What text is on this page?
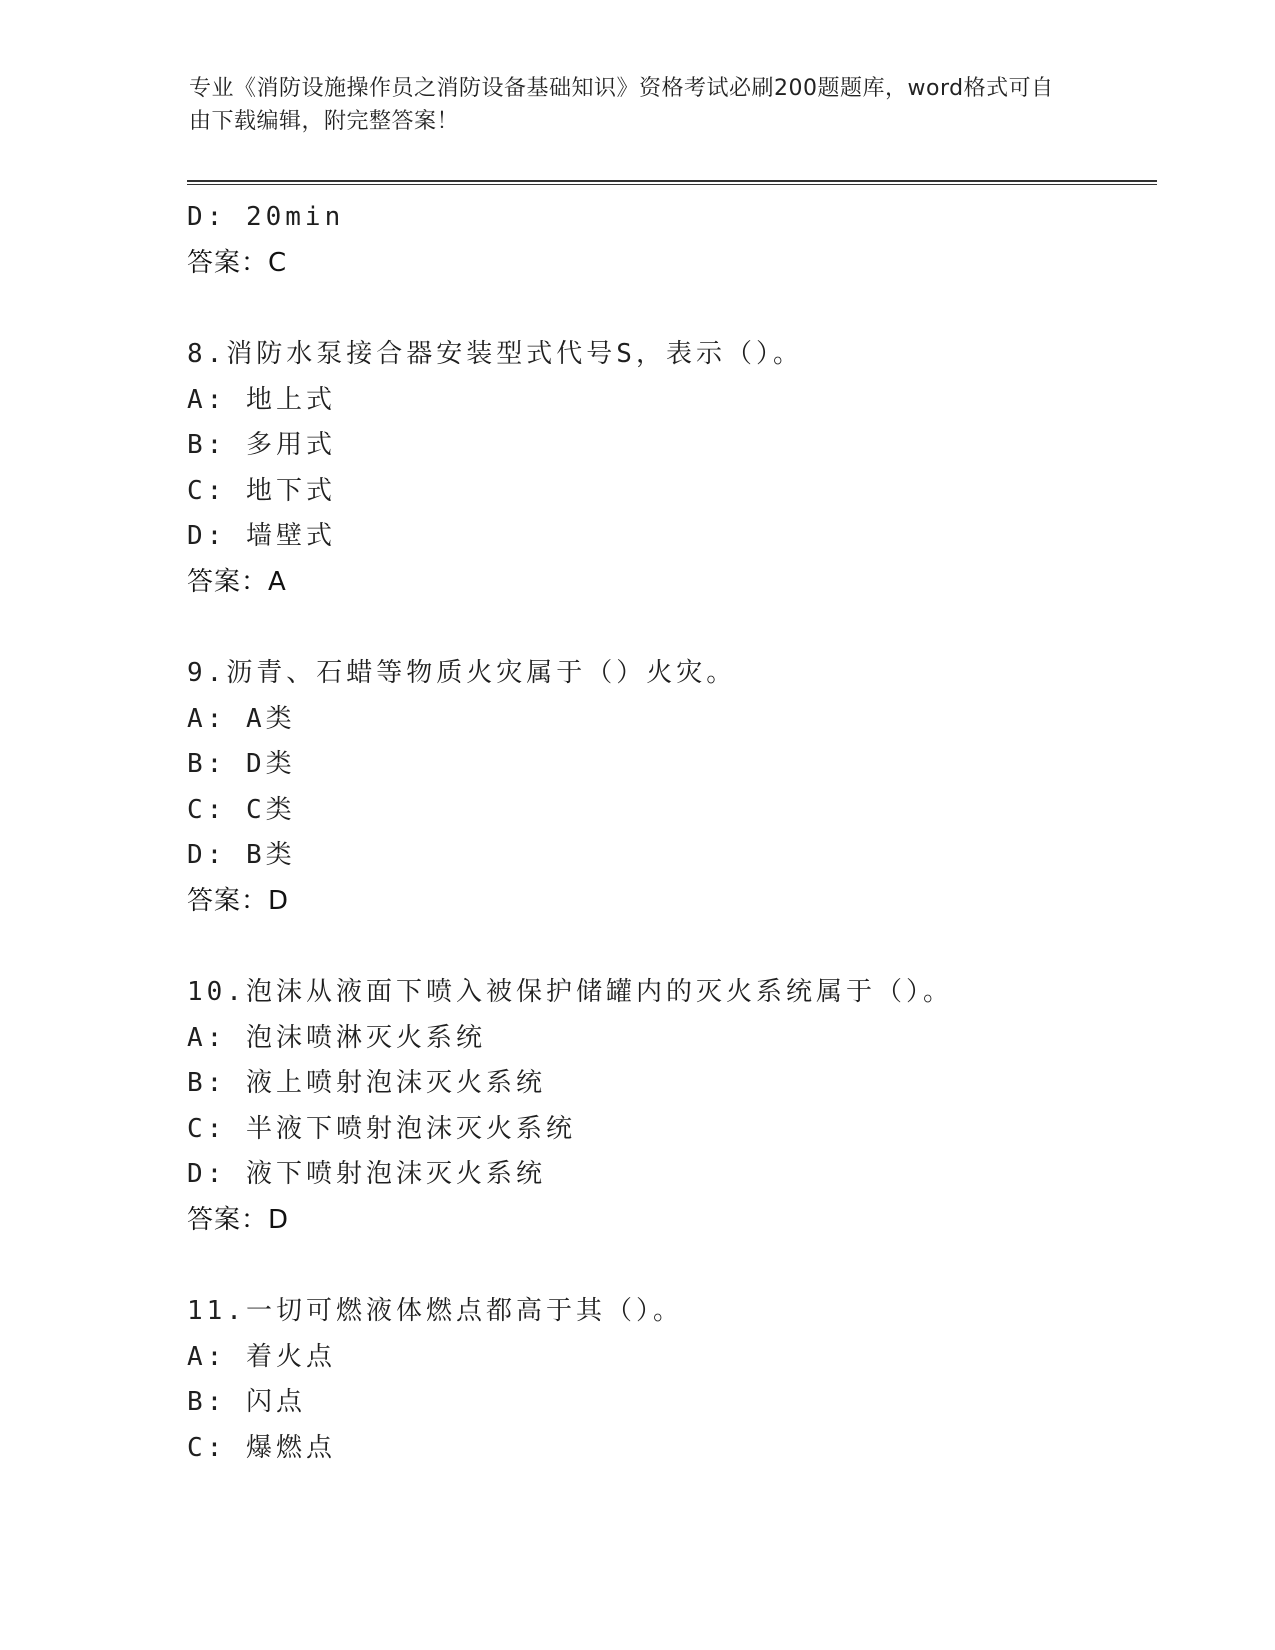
专业《消防设施操作员之消防设备基础知识》资格考试必刷200题题库，word格式可自由下载编辑，附完整答案！
D: 20min
答案：C
8.消防水泵接合器安装型式代号S，表示（）。
A: 地上式
B: 多用式
C: 地下式
D: 墙壁式
答案：A
9.沥青、石蜡等物质火灾属于（）火灾。
A: A类
B: D类
C: C类
D: B类
答案：D
10.泡沫从液面下喷入被保护储罐内的灭火系统属于（）。
A: 泡沫喷淋灭火系统
B: 液上喷射泡沫灭火系统
C: 半液下喷射泡沫灭火系统
D: 液下喷射泡沫灭火系统
答案：D
11.一切可燃液体燃点都高于其（）。
A: 着火点
B: 闪点
C: 爆燃点
